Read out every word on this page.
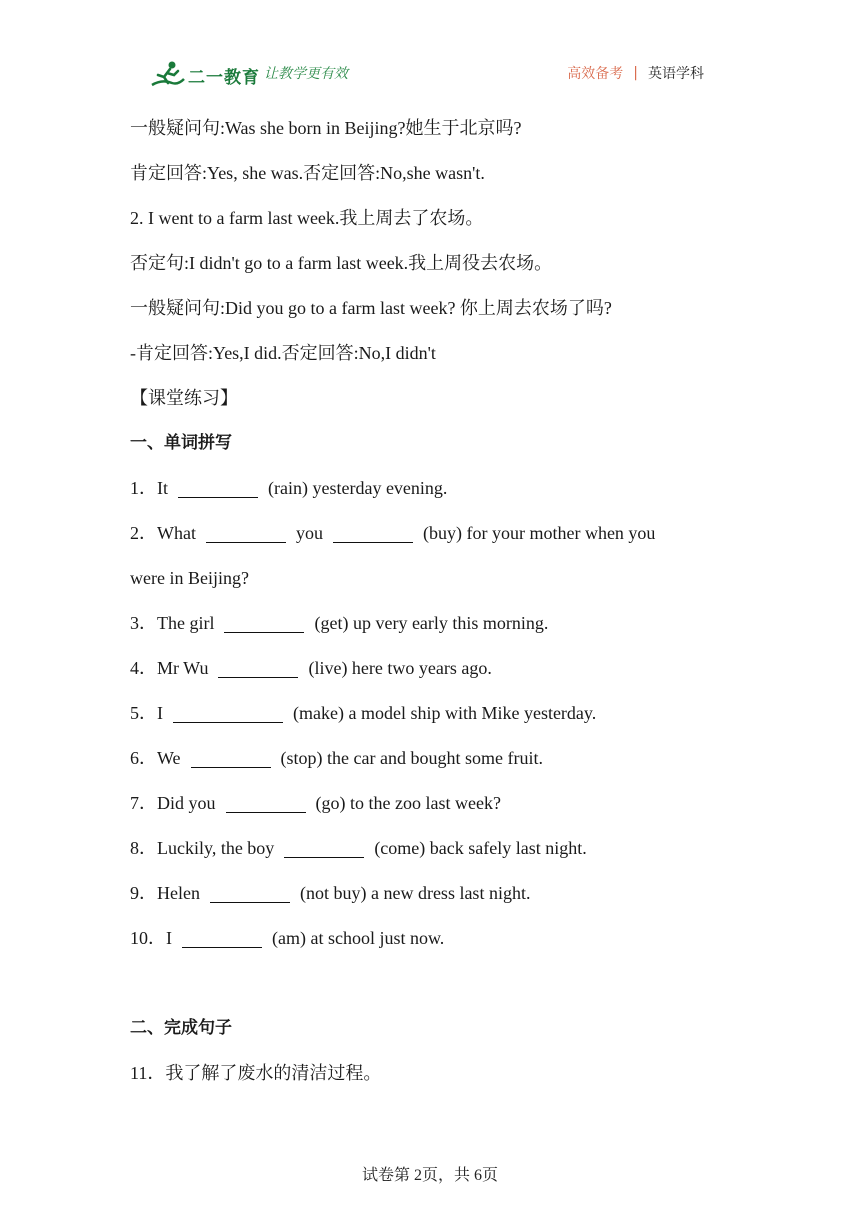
二一教育 让教学更有效	高效备考 | 英语学科
一般疑问句:Was she born in Beijing?她生于北京吗?
肯定回答:Yes, she was.否定回答:No,she wasn't.
2. I went to a farm last week.我上周去了农场。
否定句:I didn't go to a farm last week.我上周役去农场。
一般疑问句:Did you go to a farm last week? 你上周去农场了吗?
-肯定回答:Yes,I did.否定回答:No,I didn't
【课堂练习】
一、单词拼写
1．It	(rain) yesterday evening.
2．What	you	(buy) for your mother when you
were in Beijing?
3．The girl	(get) up very early this morning.
4．Mr Wu	(live) here two years ago.
5．I	(make) a model ship with Mike yesterday.
6．We	(stop) the car and bought some fruit.
7．Did you	(go) to the zoo last week?
8．Luckily, the boy	(come) back safely last night.
9．Helen	(not buy) a new dress last night.
10．I	(am) at school just now.
二、完成句子
11．我了解了废水的清洁过程。
试卷第 2页，共 6页
